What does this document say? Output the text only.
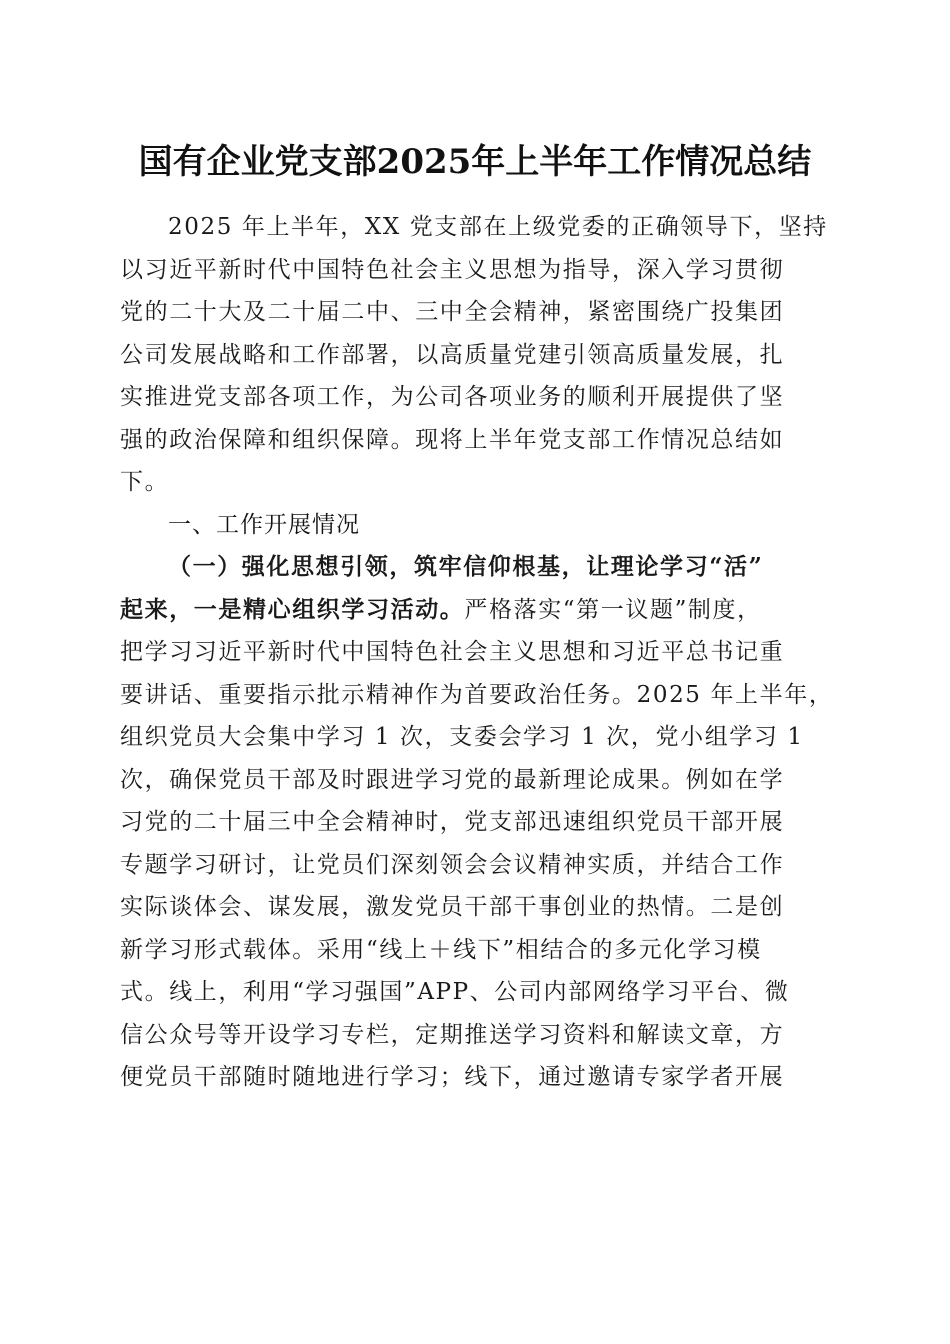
国有企业党支部2025年上半年工作情况总结
2025 年上半年，XX 党支部在上级党委的正确领导下，坚持
以习近平新时代中国特色社会主义思想为指导，深入学习贯彻
党的二十大及二十届二中、三中全会精神，紧密围绕广投集团
公司发展战略和工作部署，以高质量党建引领高质量发展，扎
实推进党支部各项工作，为公司各项业务的顺利开展提供了坚
强的政治保障和组织保障。现将上半年党支部工作情况总结如
下。
一、工作开展情况
（一）强化思想引领，筑牢信仰根基，让理论学习“活”
起来，一是精心组织学习活动。严格落实“第一议题”制度，
把学习习近平新时代中国特色社会主义思想和习近平总书记重
要讲话、重要指示批示精神作为首要政治任务。2025 年上半年，
组织党员大会集中学习 1 次，支委会学习 1 次，党小组学习 1
次，确保党员干部及时跟进学习党的最新理论成果。例如在学
习党的二十届三中全会精神时，党支部迅速组织党员干部开展
专题学习研讨，让党员们深刻领会会议精神实质，并结合工作
实际谈体会、谋发展，激发党员干部干事创业的热情。二是创
新学习形式载体。采用“线上＋线下”相结合的多元化学习模
式。线上，利用“学习强国”APP、公司内部网络学习平台、微
信公众号等开设学习专栏，定期推送学习资料和解读文章，方
便党员干部随时随地进行学习；线下，通过邀请专家学者开展
